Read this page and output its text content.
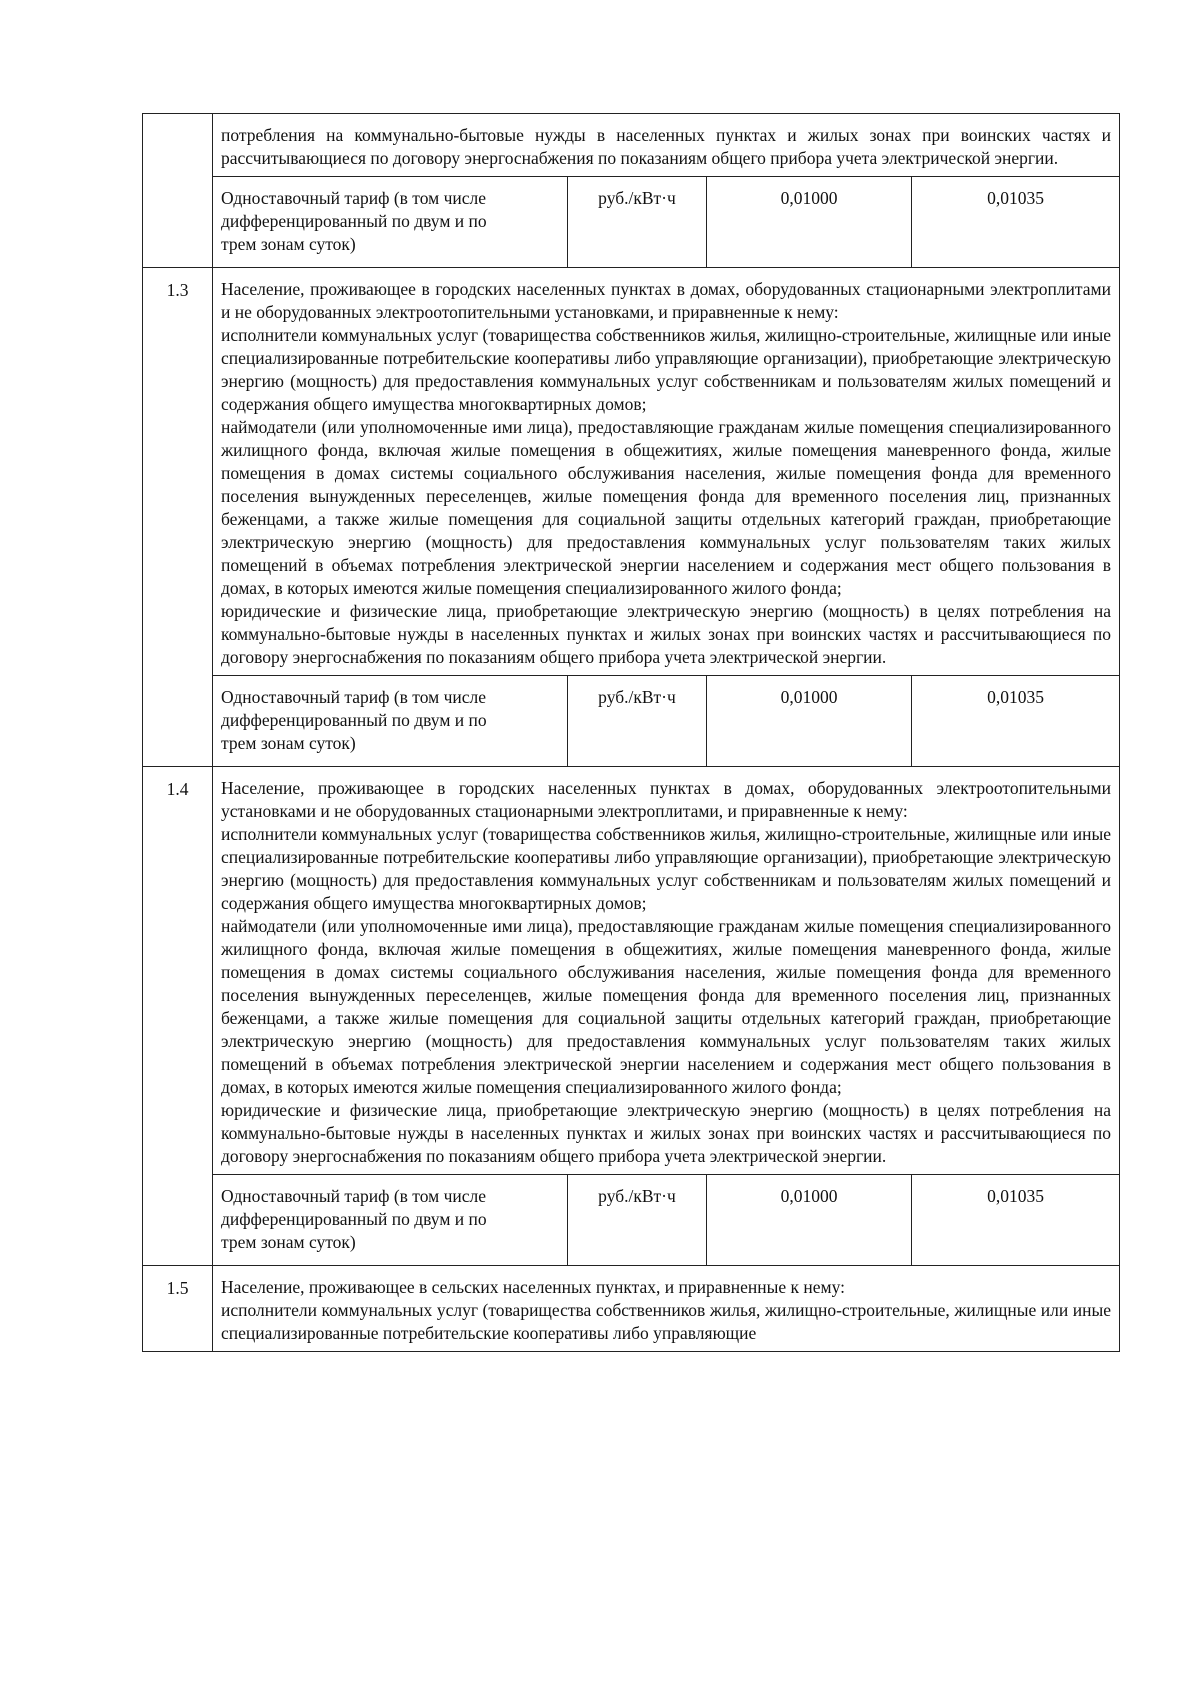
	потребления на коммунально-бытовые нужды в населенных пунктах и жилых зонах при воинских частях и рассчитывающиеся по договору энергоснабжения по показаниям общего прибора учета электрической энергии.			

	Одноставочный тариф (в том числе дифференцированный по двум и по трем зонам суток)	руб./кВт·ч	0,01000	0,01035
1.3	Население, проживающее в городских населенных пунктах в домах, оборудованных стационарными электроплитами и не оборудованных электроотопительными установками, и приравненные к нему:

исполнители коммунальных услуг (товарищества собственников жилья, жилищно-строительные, жилищные или иные специализированные потребительские кооперативы либо управляющие организации), приобретающие электрическую энергию (мощность) для предоставления коммунальных услуг собственникам и пользователям жилых помещений и содержания общего имущества многоквартирных домов;

наймодатели (или уполномоченные ими лица), предоставляющие гражданам жилые помещения специализированного жилищного фонда, включая жилые помещения в общежитиях, жилые помещения маневренного фонда, жилые помещения в домах системы социального обслуживания населения, жилые помещения фонда для временного поселения вынужденных переселенцев, жилые помещения фонда для временного поселения лиц, признанных беженцами, а также жилые помещения для социальной защиты отдельных категорий граждан, приобретающие электрическую энергию (мощность) для предоставления коммунальных услуг пользователям таких жилых помещений в объемах потребления электрической энергии населением и содержания мест общего пользования в домах, в которых имеются жилые помещения специализированного жилого фонда;

юридические и физические лица, приобретающие электрическую энергию (мощность) в целях потребления на коммунально-бытовые нужды в населенных пунктах и жилых зонах при воинских частях и рассчитывающиеся по договору энергоснабжения по показаниям общего прибора учета электрической энергии.			

	Одноставочный тариф (в том числе дифференцированный по двум и по трем зонам суток)	руб./кВт·ч	0,01000	0,01035
1.4	Население, проживающее в городских населенных пунктах в домах, оборудованных электроотопительными установками и не оборудованных стационарными электроплитами, и приравненные к нему:

исполнители коммунальных услуг (товарищества собственников жилья, жилищно-строительные, жилищные или иные специализированные потребительские кооперативы либо управляющие организации), приобретающие электрическую энергию (мощность) для предоставления коммунальных услуг собственникам и пользователям жилых помещений и содержания общего имущества многоквартирных домов;

наймодатели (или уполномоченные ими лица), предоставляющие гражданам жилые помещения специализированного жилищного фонда, включая жилые помещения в общежитиях, жилые помещения маневренного фонда, жилые помещения в домах системы социального обслуживания населения, жилые помещения фонда для временного поселения вынужденных переселенцев, жилые помещения фонда для временного поселения лиц, признанных беженцами, а также жилые помещения для социальной защиты отдельных категорий граждан, приобретающие электрическую энергию (мощность) для предоставления коммунальных услуг пользователям таких жилых помещений в объемах потребления электрической энергии населением и содержания мест общего пользования в домах, в которых имеются жилые помещения специализированного жилого фонда;

юридические и физические лица, приобретающие электрическую энергию (мощность) в целях потребления на коммунально-бытовые нужды в населенных пунктах и жилых зонах при воинских частях и рассчитывающиеся по договору энергоснабжения по показаниям общего прибора учета электрической энергии.			

	Одноставочный тариф (в том числе дифференцированный по двум и по трем зонам суток)	руб./кВт·ч	0,01000	0,01035
1.5	Население, проживающее в сельских населенных пунктах, и приравненные к нему:

исполнители коммунальных услуг (товарищества собственников жилья, жилищно-строительные, жилищные или иные специализированные потребительские кооперативы либо управляющие			
